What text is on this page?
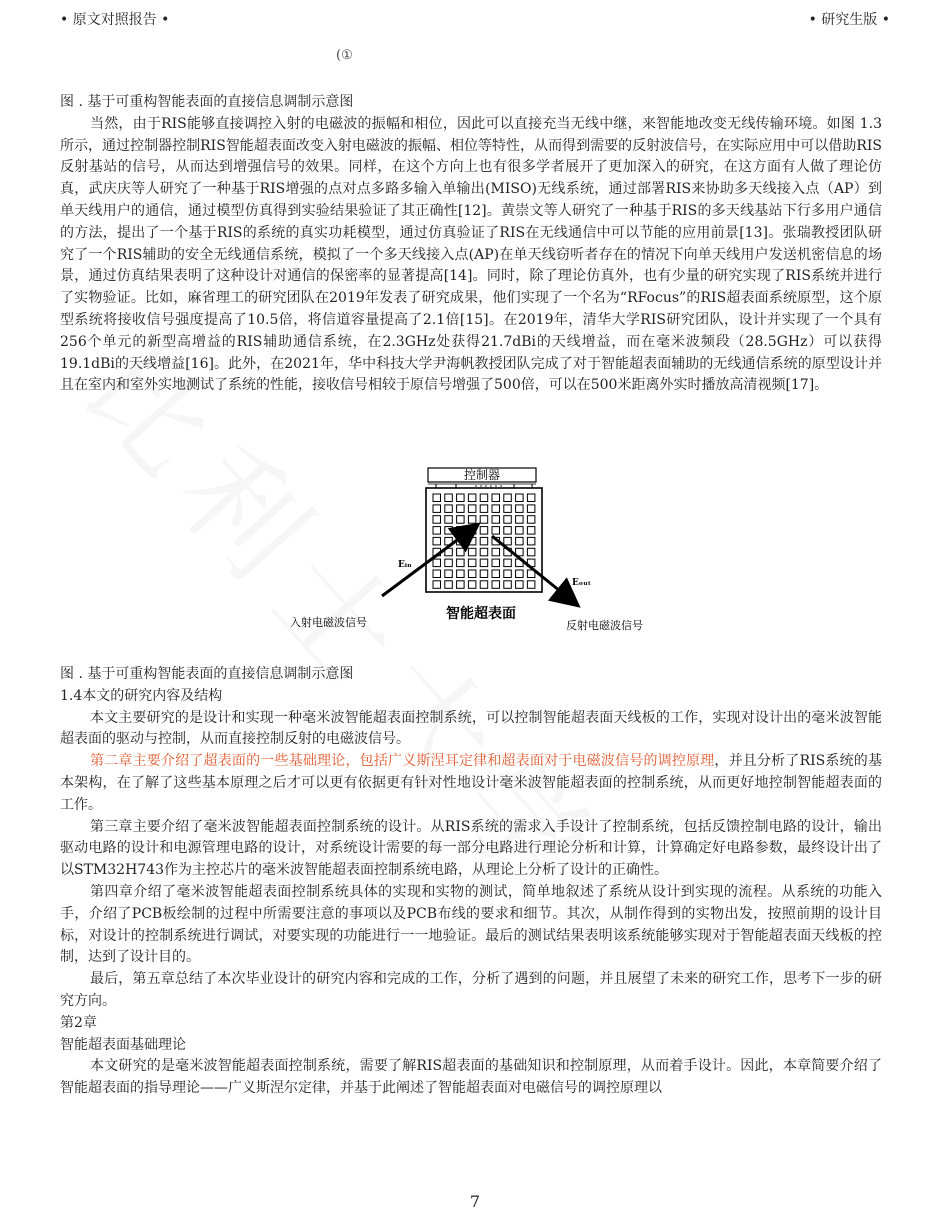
• 原文对照报告 •	• 研究生版 •
(①

图 . 基于可重构智能表面的直接信息调制示意图

当然，由于RIS能够直接调控入射的电磁波的振幅和相位，因此可以直接充当无线中继，来智能地改变无线传输环境。如图 1.3所示，通过控制器控制RIS智能超表面改变入射电磁波的振幅、相位等特性，从而得到需要的反射波信号，在实际应用中可以借助RIS反射基站的信号，从而达到增强信号的效果。同样，在这个方向上也有很多学者展开了更加深入的研究，在这方面有人做了理论仿真，武庆庆等人研究了一种基于RIS增强的点对点多路多输入单输出(MISO)无线系统，通过部署RIS来协助多天线接入点（AP）到单天线用户的通信，通过模型仿真得到实验结果验证了其正确性[12]。黄崇文等人研究了一种基于RIS的多天线基站下行多用户通信的方法，提出了一个基于RIS的系统的真实功耗模型，通过仿真验证了RIS在无线通信中可以节能的应用前景[13]。张瑞教授团队研究了一个RIS辅助的安全无线通信系统，模拟了一个多天线接入点(AP)在单天线窃听者存在的情况下向单天线用户发送机密信息的场景，通过仿真结果表明了这种设计对通信的保密率的显著提高[14]。同时，除了理论仿真外，也有少量的研究实现了RIS系统并进行了实物验证。比如，麻省理工的研究团队在2019年发表了研究成果，他们实现了一个名为“RFocus”的RIS超表面系统原型，这个原型系统将接收信号强度提高了10.5倍，将信道容量提高了2.1倍[15]。在2019年，清华大学RIS研究团队，设计并实现了一个具有256个单元的新型高增益的RIS辅助通信系统，在2.3GHz处获得21.7dBi的天线增益，而在毫米波频段（28.5GHz）可以获得19.1dBi的天线增益[16]。此外，在2021年，华中科技大学尹海帆教授团队完成了对于智能超表面辅助的无线通信系统的原型设计并且在室内和室外实地测试了系统的性能，接收信号相较于原信号增强了500倍，可以在500米距离外实时播放高清视频[17]。

控制器
Eᵢₙ
Eₒᵤₜ
入射电磁波信号
智能超表面
反射电磁波信号

图 . 基于可重构智能表面的直接信息调制示意图

1.4本文的研究内容及结构

本文主要研究的是设计和实现一种毫米波智能超表面控制系统，可以控制智能超表面天线板的工作，实现对设计出的毫米波智能超表面的驱动与控制，从而直接控制反射的电磁波信号。

第二章主要介绍了超表面的一些基础理论，包括广义斯涅耳定律和超表面对于电磁波信号的调控原理，并且分析了RIS系统的基本架构，在了解了这些基本原理之后才可以更有依据更有针对性地设计毫米波智能超表面的控制系统，从而更好地控制智能超表面的工作。

第三章主要介绍了毫米波智能超表面控制系统的设计。从RIS系统的需求入手设计了控制系统，包括反馈控制电路的设计，输出驱动电路的设计和电源管理电路的设计，对系统设计需要的每一部分电路进行理论分析和计算，计算确定好电路参数，最终设计出了以STM32H743作为主控芯片的毫米波智能超表面控制系统电路，从理论上分析了设计的正确性。

第四章介绍了毫米波智能超表面控制系统具体的实现和实物的测试，简单地叙述了系统从设计到实现的流程。从系统的功能入手，介绍了PCB板绘制的过程中所需要注意的事项以及PCB布线的要求和细节。其次，从制作得到的实物出发，按照前期的设计目标，对设计的控制系统进行调试，对要实现的功能进行一一地验证。最后的测试结果表明该系统能够实现对于智能超表面天线板的控制，达到了设计目的。

最后，第五章总结了本次毕业设计的研究内容和完成的工作，分析了遇到的问题，并且展望了未来的研究工作，思考下一步的研究方向。

第2章

智能超表面基础理论

本文研究的是毫米波智能超表面控制系统，需要了解RIS超表面的基础知识和控制原理，从而着手设计。因此，本章简要介绍了智能超表面的指导理论——广义斯涅尔定律，并基于此阐述了智能超表面对电磁信号的调控原理以

7
